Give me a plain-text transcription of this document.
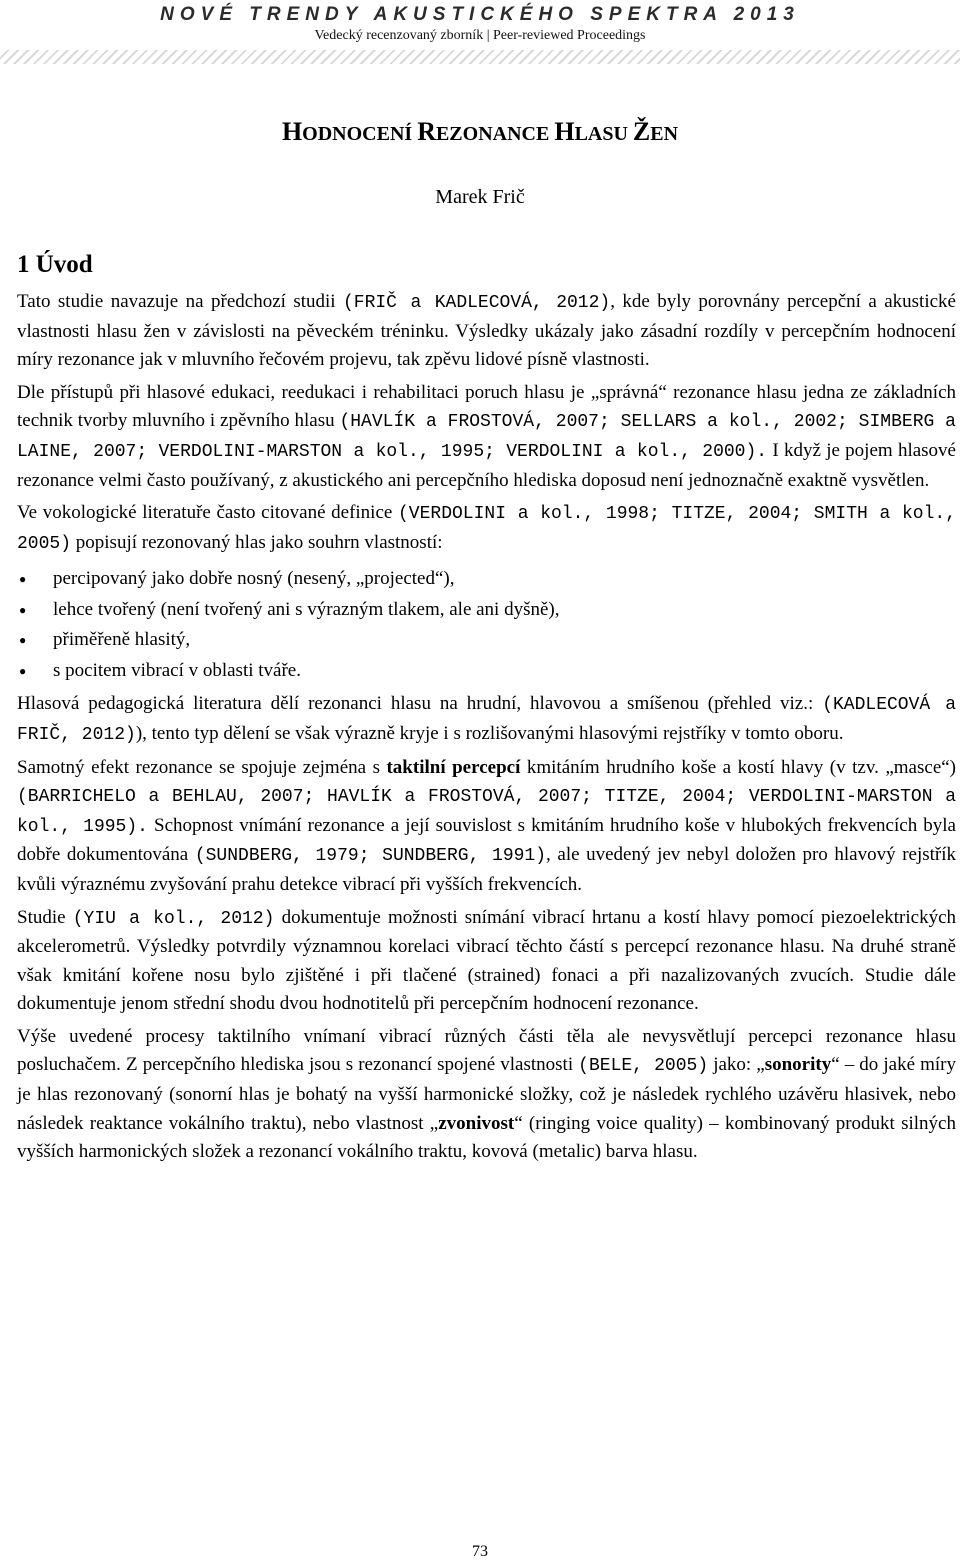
NOVÉ TRENDY AKUSTICKÉHO SPEKTRA 2013
Vedecký recenzovaný zborník | Peer-reviewed Proceedings
HODNOCENÍ REZONANCE HLASU ŽEN
Marek Frič
1 Úvod

Tato studie navazuje na předchozí studii (FRIČ a KADLECOVÁ, 2012), kde byly porovnány percepční a akustické vlastnosti hlasu žen v závislosti na pěveckém tréninku. Výsledky ukázaly jako zásadní rozdíly v percepčním hodnocení míry rezonance jak v mluvního řečovém projevu, tak zpěvu lidové písně vlastnosti.

Dle přístupů při hlasové edukaci, reedukaci i rehabilitaci poruch hlasu je „správná“ rezonance hlasu jedna ze základních technik tvorby mluvního i zpěvního hlasu (HAVLÍK a FROSTOVÁ, 2007; SELLARS a kol., 2002; SIMBERG a LAINE, 2007; VERDOLINI-MARSTON a kol., 1995; VERDOLINI a kol., 2000). I když je pojem hlasové rezonance velmi často používaný, z akustického ani percepčního hlediska doposud není jednoznačně exaktně vysvětlen.

Ve vokologické literatuře často citované definice (VERDOLINI a kol., 1998; TITZE, 2004; SMITH a kol., 2005) popisují rezonovaný hlas jako souhrn vlastností:

● percipovaný jako dobře nosný (nesený, „projected“),
● lehce tvořený (není tvořený ani s výrazným tlakem, ale ani dyšně),
● přiměřeně hlasitý,
● s pocitem vibrací v oblasti tváře.

Hlasová pedagogická literatura dělí rezonanci hlasu na hrudní, hlavovou a smíšenou (přehled viz.: (KADLECOVÁ a FRIČ, 2012)), tento typ dělení se však výrazně kryje i s rozlišovanými hlasovými rejstříky v tomto oboru.

Samotný efekt rezonance se spojuje zejména s taktilní percepcí kmitáním hrudního koše a kostí hlavy (v tzv. „masce“)(BARRICHELO a BEHLAU, 2007; HAVLÍK a FROSTOVÁ, 2007; TITZE, 2004; VERDOLINI-MARSTON a kol., 1995). Schopnost vnímání rezonance a její souvislost s kmitáním hrudního koše v hlubokých frekvencích byla dobře dokumentována (SUNDBERG, 1979; SUNDBERG, 1991), ale uvedený jev nebyl doložen pro hlavový rejstřík kvůli výraznému zvyšování prahu detekce vibrací při vyšších frekvencích.

Studie (YIU a kol., 2012) dokumentuje možnosti snímání vibrací hrtanu a kostí hlavy pomocí piezoelektrických akcelerometrů. Výsledky potvrdily významnou korelaci vibrací těchto částí s percepcí rezonance hlasu. Na druhé straně však kmitání kořene nosu bylo zjištěné i při tlačené (strained) fonaci a při nazalizovaných zvucích. Studie dále dokumentuje jenom střední shodu dvou hodnotitelů při percepčním hodnocení rezonance.

Výše uvedené procesy taktilního vnímaní vibrací různých části těla ale nevysvětlují percepci rezonance hlasu posluchačem. Z percepčního hlediska jsou s rezonancí spojené vlastnosti (BELE, 2005) jako: „sonority“ – do jaké míry je hlas rezonovaný (sonorní hlas je bohatý na vyšší harmonické složky, což je následek rychlého uzávěru hlasivek, nebo následek reaktance vokálního traktu), nebo vlastnost „zvonivost“ (ringing voice quality) – kombinovaný produkt silných vyšších harmonických složek a rezonancí vokálního traktu, kovová (metalic) barva hlasu.

73
